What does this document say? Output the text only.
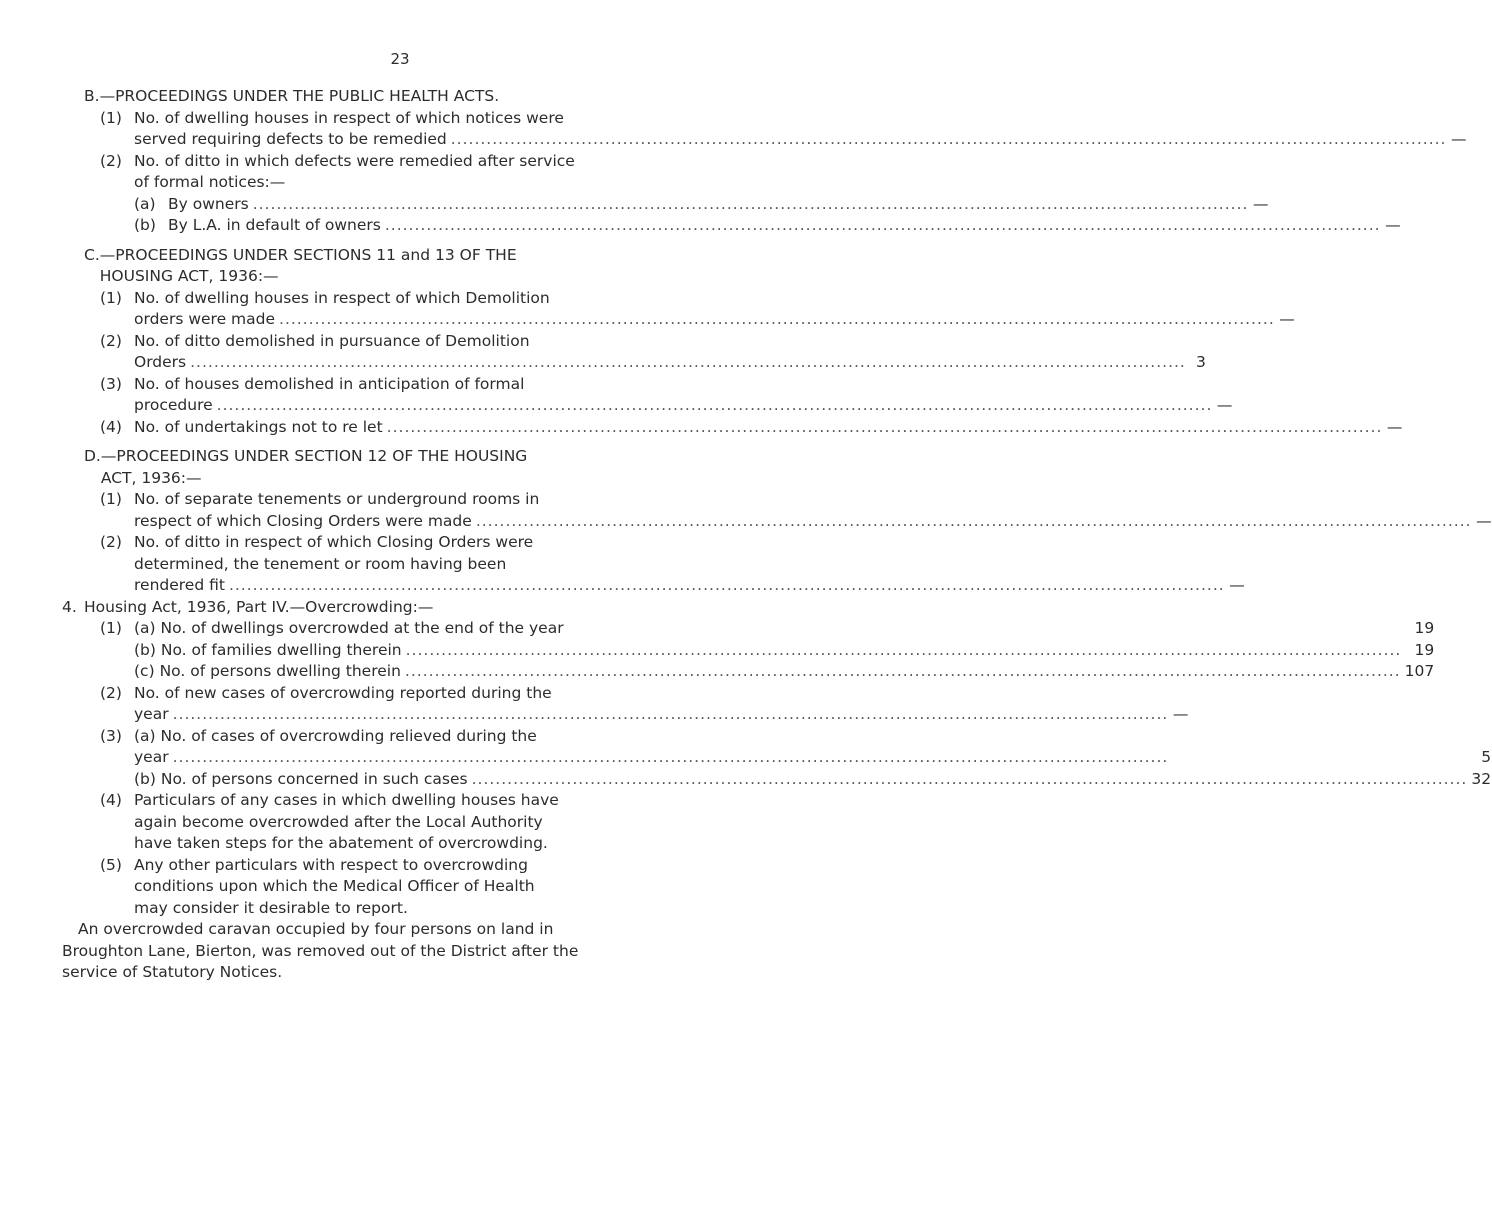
23
B. —PROCEEDINGS UNDER THE PUBLIC HEALTH ACTS.
(1) No. of dwelling houses in respect of which notices were
served requiring defects to be remedied .....	—
(2) No. of ditto in which defects were remedied after service
of formal notices:—
(a) By owners .....	—
(b) By L.A. in default of owners .....	—
C. —PROCEEDINGS UNDER SECTIONS 11 and 13 OF THE
HOUSING ACT, 1936:—
(1) No. of dwelling houses in respect of which Demolition
orders were made .....	—
(2) No. of ditto demolished in pursuance of Demolition
Orders .....	3
(3) No. of houses demolished in anticipation of formal
procedure .....	—
(4) No. of undertakings not to re let .....	—
D. —PROCEEDINGS UNDER SECTION 12 OF THE HOUSING
ACT, 1936:—
(1) No. of separate tenements or underground rooms in
respect of which Closing Orders were made .....	—
(2) No. of ditto in respect of which Closing Orders were
determined, the tenement or room having been
rendered fit .....	—
4. Housing Act, 1936, Part IV.—Overcrowding:—
(1) (a) No. of dwellings overcrowded at the end of the year	19
(b) No. of families dwelling therein .....	19
(c) No. of persons dwelling therein .....	107
(2) No. of new cases of overcrowding reported during the
year .....	—
(3) (a) No. of cases of overcrowding relieved during the
year .....	5
(b) No. of persons concerned in such cases .....	32
(4) Particulars of any cases in which dwelling houses have
again become overcrowded after the Local Authority
have taken steps for the abatement of overcrowding.
(5) Any other particulars with respect to overcrowding
conditions upon which the Medical Officer of Health
may consider it desirable to report.
An overcrowded caravan occupied by four persons on land in
Broughton Lane, Bierton, was removed out of the District after the
service of Statutory Notices.
